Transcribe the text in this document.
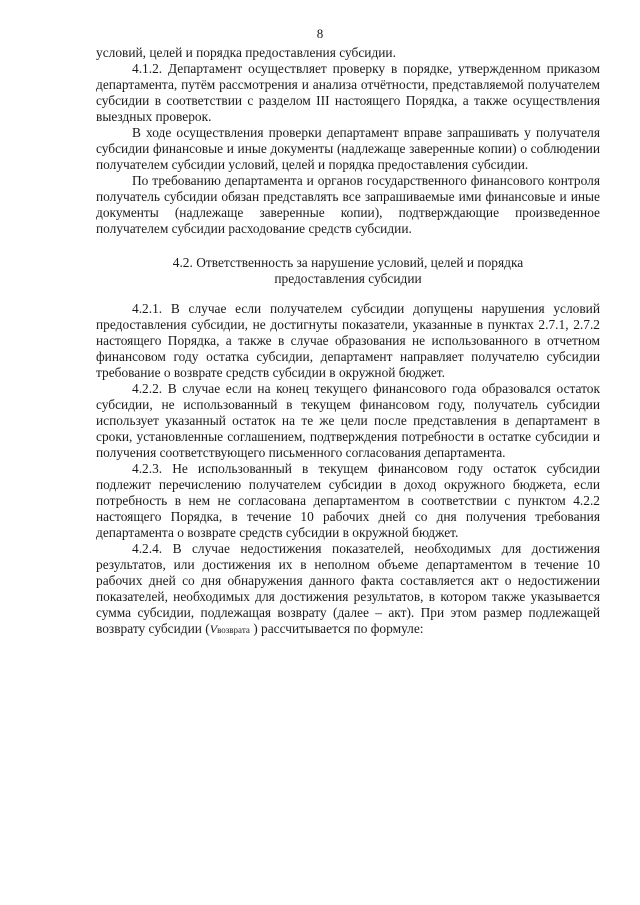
8

условий, целей и порядка предоставления субсидии.

4.1.2. Департамент осуществляет проверку в порядке, утвержденном приказом департамента, путём рассмотрения и анализа отчётности, представляемой получателем субсидии в соответствии с разделом III настоящего Порядка, а также осуществления выездных проверок.

В ходе осуществления проверки департамент вправе запрашивать у получателя субсидии финансовые и иные документы (надлежаще заверенные копии) о соблюдении получателем субсидии условий, целей и порядка предоставления субсидии.

По требованию департамента и органов государственного финансового контроля получатель субсидии обязан представлять все запрашиваемые ими финансовые и иные документы (надлежаще заверенные копии), подтверждающие произведенное получателем субсидии расходование средств субсидии.

4.2. Ответственность за нарушение условий, целей и порядка
предоставления субсидии

4.2.1. В случае если получателем субсидии допущены нарушения условий предоставления субсидии, не достигнуты показатели, указанные в пунктах 2.7.1, 2.7.2 настоящего Порядка, а также в случае образования не использованного в отчетном финансовом году остатка субсидии, департамент направляет получателю субсидии требование о возврате средств субсидии в окружной бюджет.

4.2.2. В случае если на конец текущего финансового года образовался остаток субсидии, не использованный в текущем финансовом году, получатель субсидии использует указанный остаток на те же цели после представления в департамент в сроки, установленные соглашением, подтверждения потребности в остатке субсидии и получения соответствующего письменного согласования департамента.

4.2.3. Не использованный в текущем финансовом году остаток субсидии подлежит перечислению получателем субсидии в доход окружного бюджета, если потребность в нем не согласована департаментом в соответствии с пунктом 4.2.2 настоящего Порядка, в течение 10 рабочих дней со дня получения требования департамента о возврате средств субсидии в окружной бюджет.

4.2.4. В случае недостижения показателей, необходимых для достижения результатов, или достижения их в неполном объеме департаментом в течение 10 рабочих дней со дня обнаружения данного факта составляется акт о недостижении показателей, необходимых для достижения результатов, в котором также указывается сумма субсидии, подлежащая возврату (далее – акт). При этом размер подлежащей возврату субсидии (Vвозврата ) рассчитывается по формуле:
